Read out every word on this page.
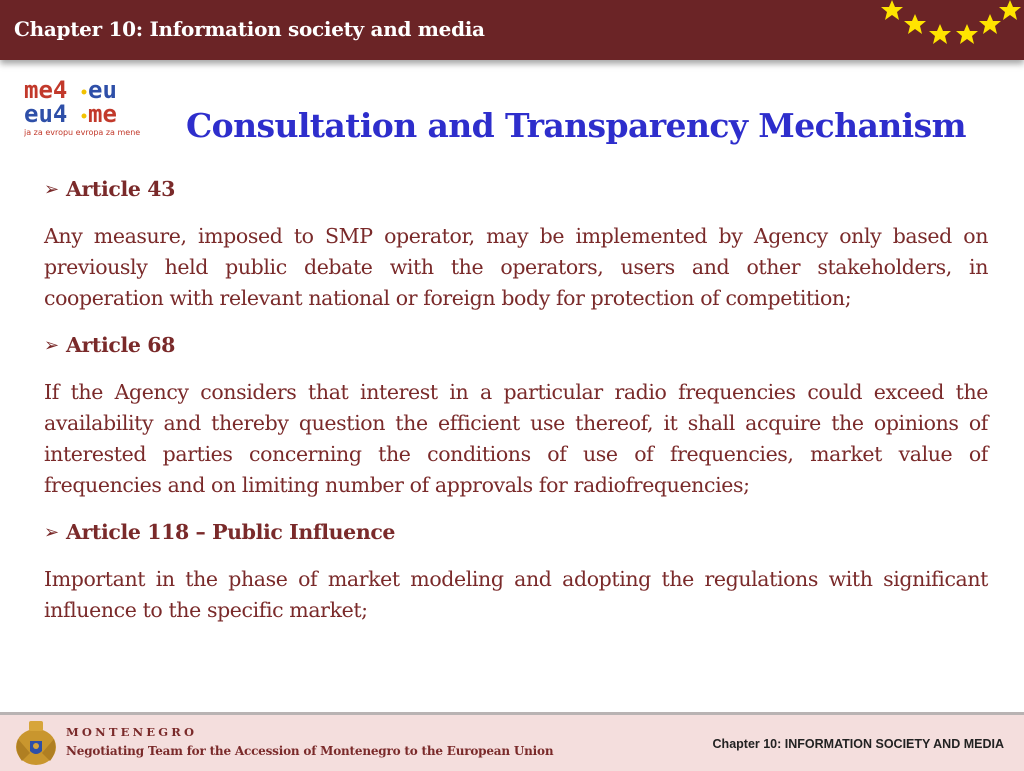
Chapter 10: Information society and media
me4 eu
eu4 me
ja za evropu evropa za mene Consultation and Transparency Mechanism

➢ Article 43

Any measure, imposed to SMP operator, may be implemented by Agency only based on previously held public debate with the operators, users and other stakeholders, in cooperation with relevant national or foreign body for protection of competition;

➢ Article 68

If the Agency considers that interest in a particular radio frequencies could exceed the availability and thereby question the efficient use thereof, it shall acquire the opinions of interested parties concerning the conditions of use of frequencies, market value of frequencies and on limiting number of approvals for radiofrequencies;

➢ Article 118 – Public Influence

Important in the phase of market modeling and adopting the regulations with significant influence to the specific market;

MONTENEGRO
Negotiating Team for the Accession of Montenegro to the European Union	Chapter 10: INFORMATION SOCIETY AND MEDIA
